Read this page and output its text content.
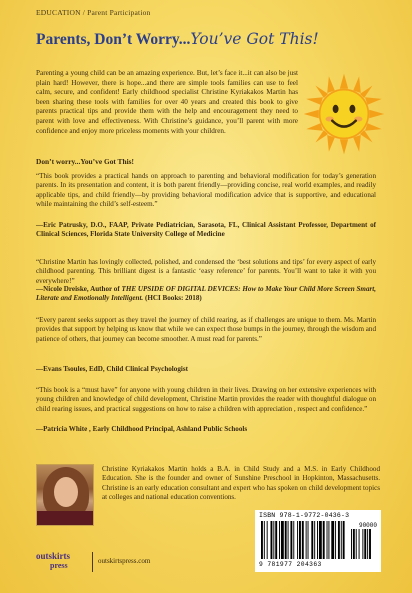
EDUCATION / Parent Participation
Parents, Don’t Worry...You’ve Got This!

Parenting a young child can be an amazing experience. But, let’s face it...it can also be just plain hard! However, there is hope...and there are simple tools families can use to feel calm, secure, and confident! Early childhood specialist Christine Kyriakakos Martin has been sharing these tools with families for over 40 years and created this book to give parents practical tips and provide them with the help and encouragement they need to parent with love and effectiveness. With Christine’s guidance, you’ll parent with more confidence and enjoy more priceless moments with your children.

Don’t worry...You’ve Got This!

“This book provides a practical hands on approach to parenting and behavioral modification for today’s generation parents. In its presentation and content, it is both parent friendly—providing concise, real world examples, and readily applicable tips, and child friendly—by providing behavioral modification advice that is supportive, and educational while maintaining the child’s self-esteem.”

—Eric Patrusky, D.O., FAAP, Private Pediatrician, Sarasota, FL, Clinical Assistant Professor, Department of Clinical Sciences, Florida State University College of Medicine

“Christine Martin has lovingly collected, polished, and condensed the ‘best solutions and tips’ for every aspect of early childhood parenting. This brilliant digest is a fantastic ‘easy reference’ for parents. You’ll want to take it with you everywhere!”

—Nicole Dreiske, Author of THE UPSIDE OF DIGITAL DEVICES: How to Make Your Child More Screen Smart, Literate and Emotionally Intelligent. (HCI Books: 2018)

“Every parent seeks support as they travel the journey of child rearing, as if challenges are unique to them. Ms. Martin provides that support by helping us know that while we can expect those bumps in the journey, through the wisdom and patience of others, that journey can become smoother. A must read for parents.”

—Evans Tsoules, EdD, Child Clinical Psychologist

“This book is a “must have” for anyone with young children in their lives. Drawing on her extensive experiences with young children and knowledge of child development, Christine Martin provides the reader with thoughtful dialogue on child rearing issues, and practical suggestions on how to raise a children with appreciation , respect and confidence.”

—Patricia White , Early Childhood Principal, Ashland Public Schools

Christine Kyriakakos Martin holds a B.A. in Child Study and a M.S. in Early Childhood Education. She is the founder and owner of Sunshine Preschool in Hopkinton, Massachusetts. Christine is an early education consultant and expert who has spoken on child development topics at colleges and national education conventions.

outskirts
press	outskirtspress.com
ISBN 978-1-9772-0436-3
9 781977 204363
90000
